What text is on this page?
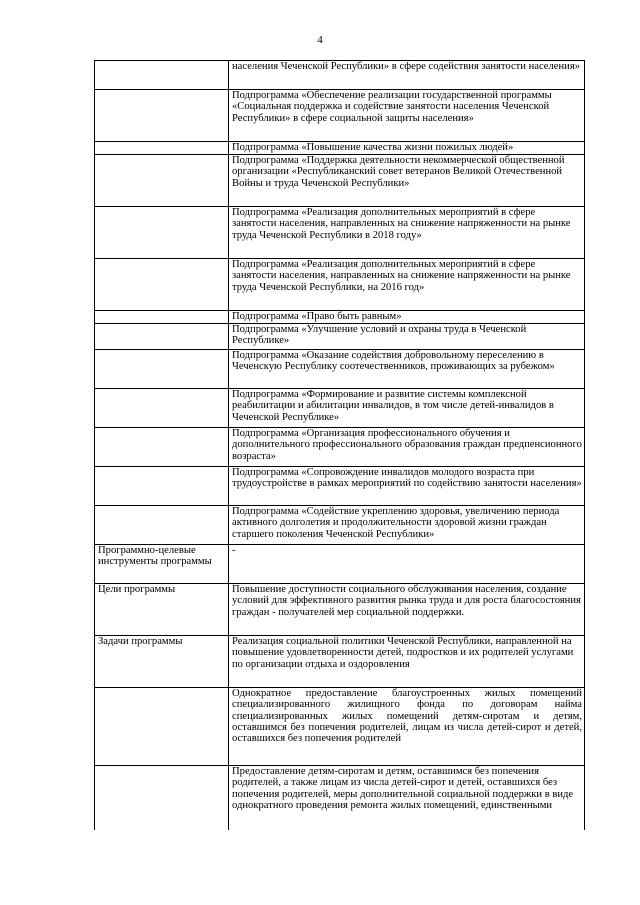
4
	населения Чеченской Республики» в сфере содействия занятости населения»
	Подпрограмма «Обеспечение реализации государственной программы «Социальная поддержка и содействие занятости населения Чеченской Республики» в сфере социальной защиты населения»
	Подпрограмма «Повышение качества жизни пожилых людей»
	Подпрограмма «Поддержка деятельности некоммерческой общественной организации «Республиканский совет ветеранов Великой Отечественной Войны и труда Чеченской Республики»
	Подпрограмма «Реализация дополнительных мероприятий в сфере занятости населения, направленных на снижение напряженности на рынке труда Чеченской Республики в 2018 году»
	Подпрограмма «Реализация дополнительных мероприятий в сфере занятости населения, направленных на снижение напряженности на рынке труда Чеченской Республики, на 2016 год»
	Подпрограмма «Право быть равным»
	Подпрограмма «Улучшение условий и охраны труда в Чеченской Республике»
	Подпрограмма «Оказание содействия добровольному переселению в Чеченскую Республику соотечественников, проживающих за рубежом»
	Подпрограмма «Формирование и развитие системы комплексной реабилитации и абилитации инвалидов, в том числе детей-инвалидов в Чеченской Республике»
	Подпрограмма «Организация профессионального обучения и дополнительного профессионального образования граждан предпенсионного возраста»
	Подпрограмма «Сопровождение инвалидов молодого возраста при трудоустройстве в рамках мероприятий по содействию занятости населения»
	Подпрограмма «Содействие укреплению здоровья, увеличению периода активного долголетия и продолжительности здоровой жизни граждан старшего поколения Чеченской Республики»
Программно-целевые инструменты программы	-
Цели программы	Повышение доступности социального обслуживания населения, создание условий для эффективного развития рынка труда и для роста благосостояния граждан - получателей мер социальной поддержки.
Задачи программы	Реализация социальной политики Чеченской Республики, направленной на повышение удовлетворенности детей, подростков и их родителей услугами по организации отдыха и оздоровления
	Однократное предоставление благоустроенных жилых помещений специализированного жилищного фонда по договорам найма специализированных жилых помещений детям-сиротам и детям, оставшимся без попечения родителей, лицам из числа детей-сирот и детей, оставшихся без попечения родителей
	Предоставление детям-сиротам и детям, оставшимся без попечения родителей, а также лицам из числа детей-сирот и детей, оставшихся без попечения родителей, меры дополнительной социальной поддержки в виде однократного проведения ремонта жилых помещений, единственными
